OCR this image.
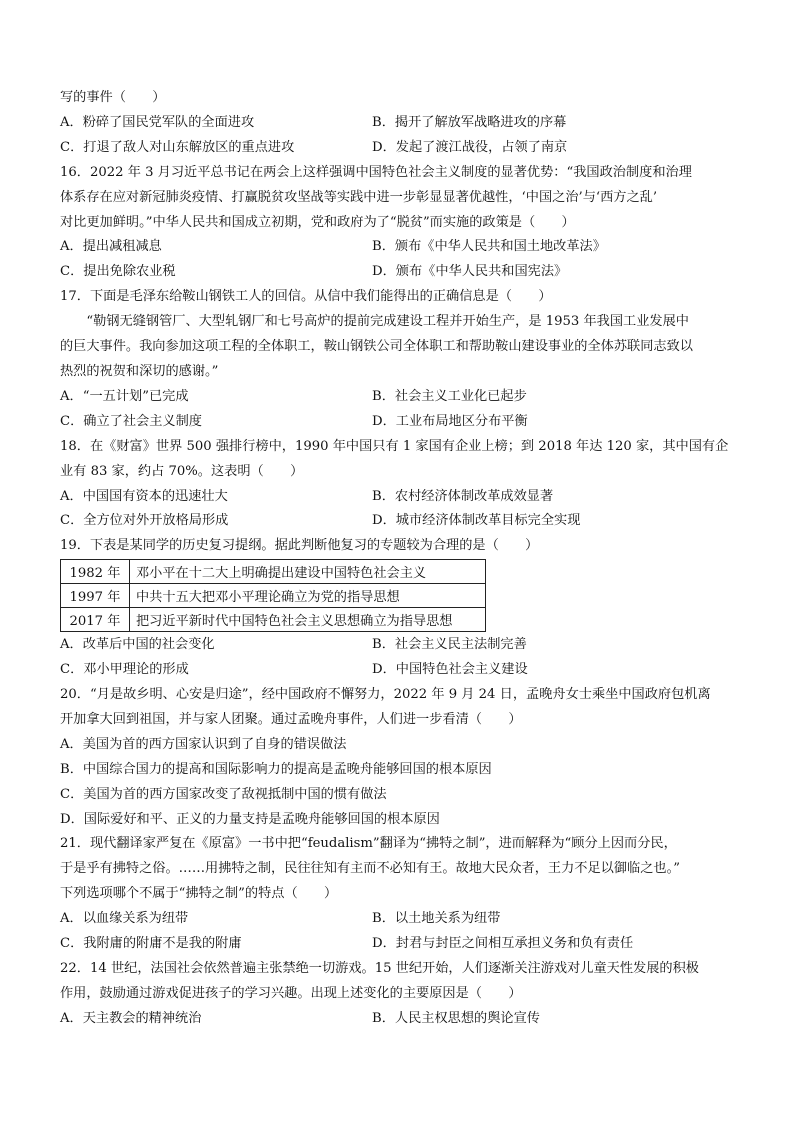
写的事件（　　）
A．粉碎了国民党军队的全面进攻	B．揭开了解放军战略进攻的序幕
C．打退了敌人对山东解放区的重点进攻	D．发起了渡江战役，占领了南京
16．2022 年 3 月习近平总书记在两会上这样强调中国特色社会主义制度的显著优势：“我国政治制度和治理
体系存在应对新冠肺炎疫情、打赢脱贫攻坚战等实践中进一步彰显显著优越性，‘中国之治’与‘西方之乱’
对比更加鲜明。”中华人民共和国成立初期，党和政府为了“脱贫”而实施的政策是（　　）
A．提出减租减息	B．颁布《中华人民共和国土地改革法》
C．提出免除农业税	D．颁布《中华人民共和国宪法》
17．下面是毛泽东给鞍山钢铁工人的回信。从信中我们能得出的正确信息是（　　）
“勒钢无缝钢管厂、大型轧钢厂和七号高炉的提前完成建设工程并开始生产，是 1953 年我国工业发展中
的巨大事件。我向参加这项工程的全体职工，鞍山钢铁公司全体职工和帮助鞍山建设事业的全体苏联同志致以
热烈的祝贺和深切的感谢。”
A．“一五计划”已完成	B．社会主义工业化已起步
C．确立了社会主义制度	D．工业布局地区分布平衡
18．在《财富》世界 500 强排行榜中，1990 年中国只有 1 家国有企业上榜；到 2018 年达 120 家，其中国有企
业有 83 家，约占 70%。这表明（　　）
A．中国国有资本的迅速壮大	B．农村经济体制改革成效显著
C．全方位对外开放格局形成	D．城市经济体制改革目标完全实现
19．下表是某同学的历史复习提纲。据此判断他复习的专题较为合理的是（　　）
1982 年	邓小平在十二大上明确提出建设中国特色社会主义
1997 年	中共十五大把邓小平理论确立为党的指导思想
2017 年	把习近平新时代中国特色社会主义思想确立为指导思想
A．改革后中国的社会变化	B．社会主义民主法制完善
C．邓小甲理论的形成	D．中国特色社会主义建设
20．“月是故乡明、心安是归途”，经中国政府不懈努力，2022 年 9 月 24 日，孟晚舟女士乘坐中国政府包机离
开加拿大回到祖国，并与家人团聚。通过孟晚舟事件，人们进一步看清（　　）
A．美国为首的西方国家认识到了自身的错误做法
B．中国综合国力的提高和国际影响力的提高是孟晚舟能够回国的根本原因
C．美国为首的西方国家改变了敌视抵制中国的惯有做法
D．国际爱好和平、正义的力量支持是孟晚舟能够回国的根本原因
21．现代翻译家严复在《原富》一书中把“feudalism”翻译为“拂特之制”，进而解释为“顾分上因而分民，
于是乎有拂特之俗。……用拂特之制，民往往知有主而不必知有王。故地大民众者，王力不足以御临之也。”
下列选项哪个不属于“拂特之制”的特点（　　）
A．以血缘关系为纽带	B．以土地关系为纽带
C．我附庸的附庸不是我的附庸	D．封君与封臣之间相互承担义务和负有责任
22．14 世纪，法国社会依然普遍主张禁绝一切游戏。15 世纪开始，人们逐渐关注游戏对儿童天性发展的积极
作用，鼓励通过游戏促进孩子的学习兴趣。出现上述变化的主要原因是（　　）
A．天主教会的精神统治	B．人民主权思想的舆论宣传
